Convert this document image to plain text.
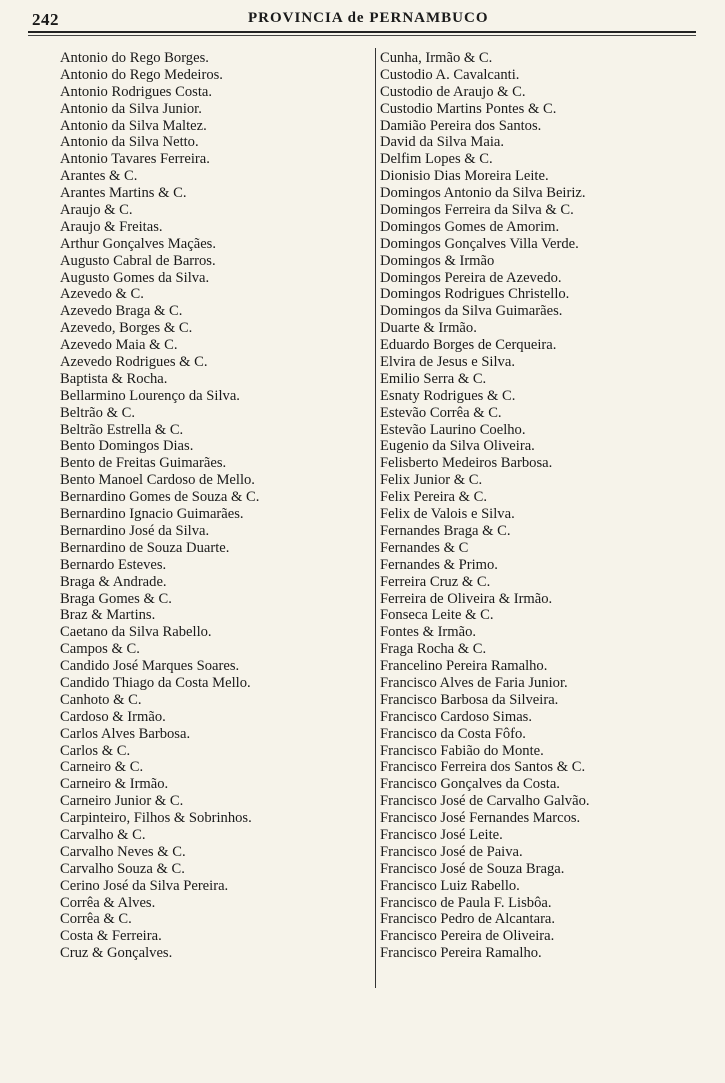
242	PROVINCIA de PERNAMBUCO
Antonio do Rego Borges.
Antonio do Rego Medeiros.
Antonio Rodrigues Costa.
Antonio da Silva Junior.
Antonio da Silva Maltez.
Antonio da Silva Netto.
Antonio Tavares Ferreira.
Arantes & C.
Arantes Martins & C.
Araujo & C.
Araujo & Freitas.
Arthur Gonçalves Maçães.
Augusto Cabral de Barros.
Augusto Gomes da Silva.
Azevedo & C.
Azevedo Braga & C.
Azevedo, Borges & C.
Azevedo Maia & C.
Azevedo Rodrigues & C.
Baptista & Rocha.
Bellarmino Lourenço da Silva.
Beltrão & C.
Beltrão Estrella & C.
Bento Domingos Dias.
Bento de Freitas Guimarães.
Bento Manoel Cardoso de Mello.
Bernardino Gomes de Souza & C.
Bernardino Ignacio Guimarães.
Bernardino José da Silva.
Bernardino de Souza Duarte.
Bernardo Esteves.
Braga & Andrade.
Braga Gomes & C.
Braz & Martins.
Caetano da Silva Rabello.
Campos & C.
Candido José Marques Soares.
Candido Thiago da Costa Mello.
Canhoto & C.
Cardoso & Irmão.
Carlos Alves Barbosa.
Carlos & C.
Carneiro & C.
Carneiro & Irmão.
Carneiro Junior & C.
Carpinteiro, Filhos & Sobrinhos.
Carvalho & C.
Carvalho Neves & C.
Carvalho Souza & C.
Cerino José da Silva Pereira.
Corrêa & Alves.
Corrêa & C.
Costa & Ferreira.
Cruz & Gonçalves.
Cunha, Irmão & C.
Custodio A. Cavalcanti.
Custodio de Araujo & C.
Custodio Martins Pontes & C.
Damião Pereira dos Santos.
David da Silva Maia.
Delfim Lopes & C.
Dionisio Dias Moreira Leite.
Domingos Antonio da Silva Beiriz.
Domingos Ferreira da Silva & C.
Domingos Gomes de Amorim.
Domingos Gonçalves Villa Verde.
Domingos & Irmão
Domingos Pereira de Azevedo.
Domingos Rodrigues Christello.
Domingos da Silva Guimarães.
Duarte & Irmão.
Eduardo Borges de Cerqueira.
Elvira de Jesus e Silva.
Emilio Serra & C.
Esnaty Rodrigues & C.
Estevão Corrêa & C.
Estevão Laurino Coelho.
Eugenio da Silva Oliveira.
Felisberto Medeiros Barbosa.
Felix Junior & C.
Felix Pereira & C.
Felix de Valois e Silva.
Fernandes Braga & C.
Fernandes & C
Fernandes & Primo.
Ferreira Cruz & C.
Ferreira de Oliveira & Irmão.
Fonseca Leite & C.
Fontes & Irmão.
Fraga Rocha & C.
Francelino Pereira Ramalho.
Francisco Alves de Faria Junior.
Francisco Barbosa da Silveira.
Francisco Cardoso Simas.
Francisco da Costa Fôfo.
Francisco Fabião do Monte.
Francisco Ferreira dos Santos & C.
Francisco Gonçalves da Costa.
Francisco José de Carvalho Galvão.
Francisco José Fernandes Marcos.
Francisco José Leite.
Francisco José de Paiva.
Francisco José de Souza Braga.
Francisco Luiz Rabello.
Francisco de Paula F. Lisbôa.
Francisco Pedro de Alcantara.
Francisco Pereira de Oliveira.
Francisco Pereira Ramalho.
